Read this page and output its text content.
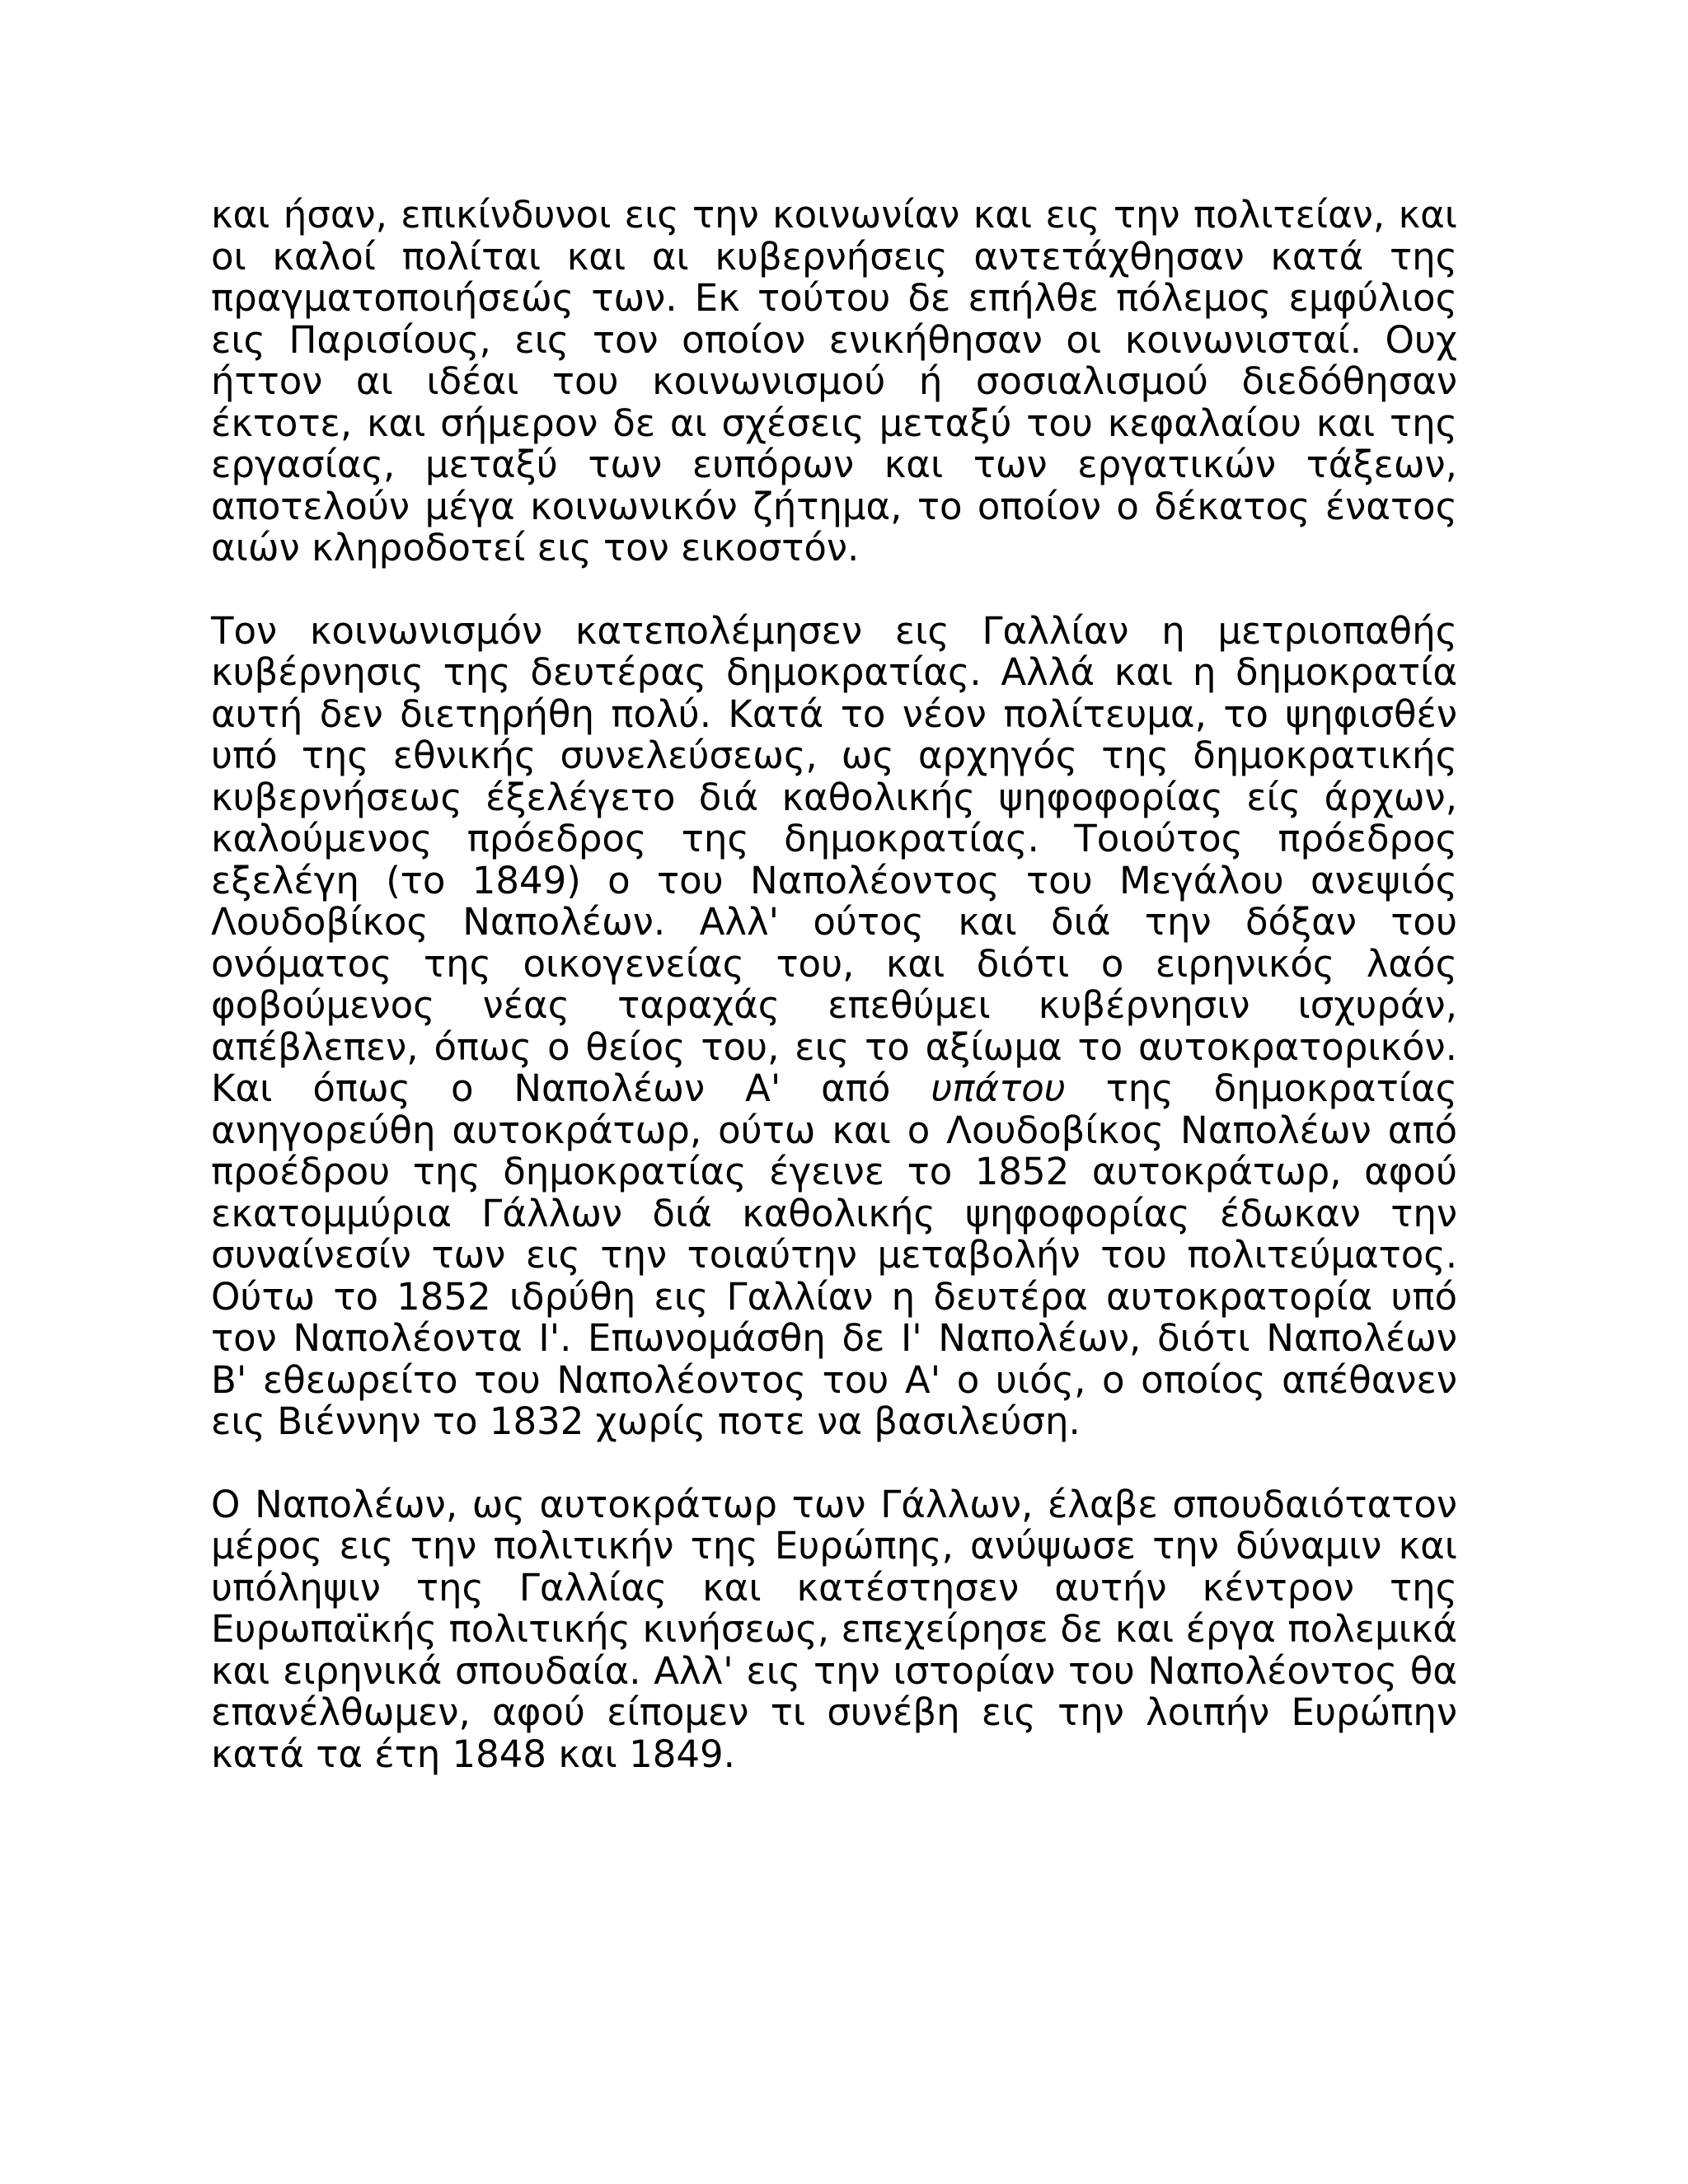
και ήσαν, επικίνδυνοι εις την κοινωνίαν και εις την πολιτείαν, και οι καλοί πολίται και αι κυβερνήσεις αντετάχθησαν κατά της πραγματοποιήσεώς των. Εκ τούτου δε επήλθε πόλεμος εμφύλιος εις Παρισίους, εις τον οποίον ενικήθησαν οι κοινωνισταί. Ουχ ήττον αι ιδέαι του κοινωνισμού ή σοσιαλισμού διεδόθησαν έκτοτε, και σήμερον δε αι σχέσεις μεταξύ του κεφαλαίου και της εργασίας, μεταξύ των ευπόρων και των εργατικών τάξεων, αποτελούν μέγα κοινωνικόν ζήτημα, το οποίον ο δέκατος ένατος αιών κληροδοτεί εις τον εικοστόν.

Τον κοινωνισμόν κατεπολέμησεν εις Γαλλίαν η μετριοπαθής κυβέρνησις της δευτέρας δημοκρατίας. Αλλά και η δημοκρατία αυτή δεν διετηρήθη πολύ. Κατά το νέον πολίτευμα, το ψηφισθέν υπό της εθνικής συνελεύσεως, ως αρχηγός της δημοκρατικής κυβερνήσεως έξελέγετο διά καθολικής ψηφοφορίας είς άρχων, καλούμενος πρόεδρος της δημοκρατίας. Τοιούτος πρόεδρος εξελέγη (το 1849) ο του Ναπολέοντος του Μεγάλου ανεψιός Λουδοβίκος Ναπολέων. Αλλ' ούτος και διά την δόξαν του ονόματος της οικογενείας του, και διότι ο ειρηνικός λαός φοβούμενος νέας ταραχάς επεθύμει κυβέρνησιν ισχυράν, απέβλεπεν, όπως ο θείος του, εις το αξίωμα το αυτοκρατορικόν. Και όπως ο Ναπολέων Α' από υπάτου της δημοκρατίας ανηγορεύθη αυτοκράτωρ, ούτω και ο Λουδοβίκος Ναπολέων από προέδρου της δημοκρατίας έγεινε το 1852 αυτοκράτωρ, αφού εκατομμύρια Γάλλων διά καθολικής ψηφοφορίας έδωκαν την συναίνεσίν των εις την τοιαύτην μεταβολήν του πολιτεύματος. Ούτω το 1852 ιδρύθη εις Γαλλίαν η δευτέρα αυτοκρατορία υπό τον Ναπολέοντα Ι'. Επωνομάσθη δε Ι' Ναπολέων, διότι Ναπολέων Β' εθεωρείτο του Ναπολέοντος του Α' ο υιός, ο οποίος απέθανεν εις Βιέννην το 1832 χωρίς ποτε να βασιλεύση.

Ο Ναπολέων, ως αυτοκράτωρ των Γάλλων, έλαβε σπουδαιότατον μέρος εις την πολιτικήν της Ευρώπης, ανύψωσε την δύναμιν και υπόληψιν της Γαλλίας και κατέστησεν αυτήν κέντρον της Ευρωπαϊκής πολιτικής κινήσεως, επεχείρησε δε και έργα πολεμικά και ειρηνικά σπουδαία. Αλλ' εις την ιστορίαν του Ναπολέοντος θα επανέλθωμεν, αφού είπομεν τι συνέβη εις την λοιπήν Ευρώπην κατά τα έτη 1848 και 1849.
